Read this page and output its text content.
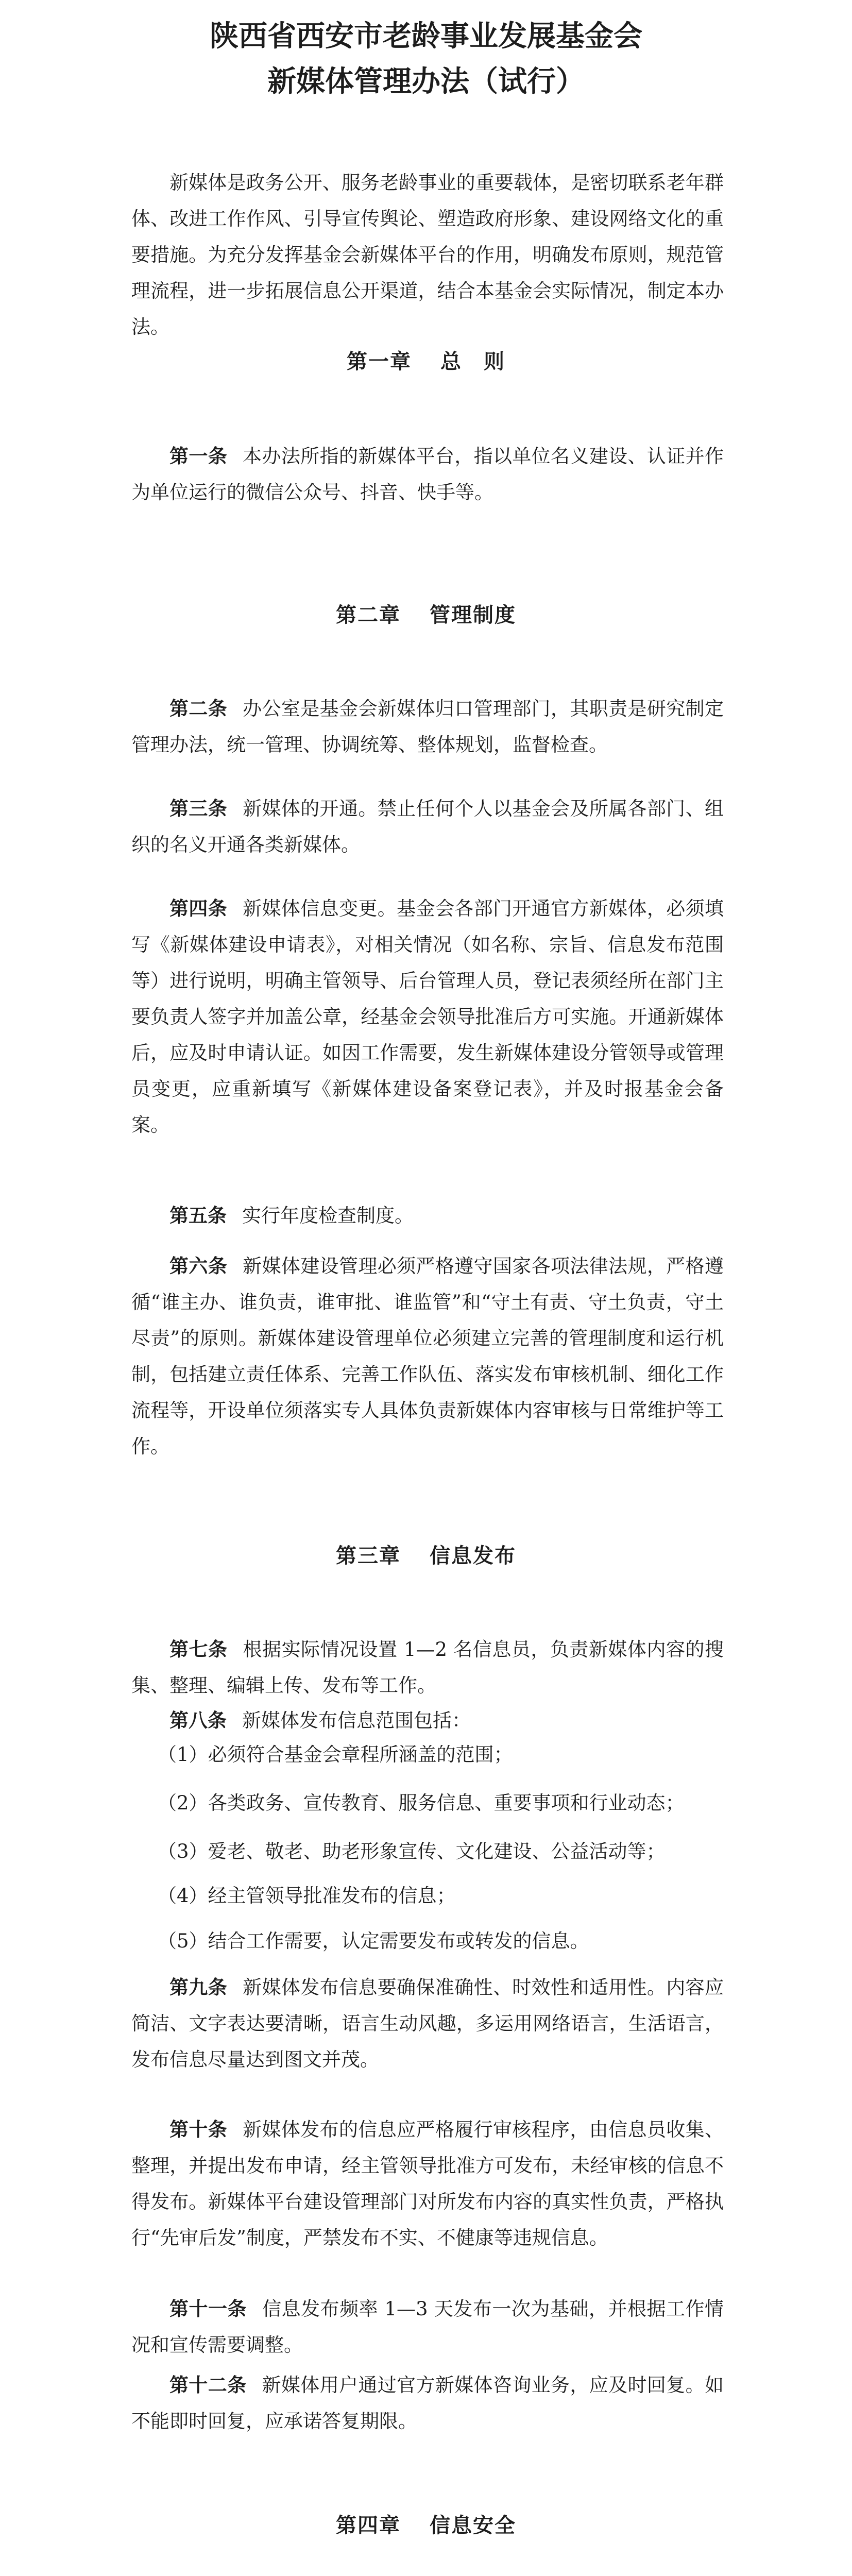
陕西省西安市老龄事业发展基金会
新媒体管理办法（试行）

新媒体是政务公开、服务老龄事业的重要载体，是密切联系老年群体、改进工作作风、引导宣传舆论、塑造政府形象、建设网络文化的重要措施。为充分发挥基金会新媒体平台的作用，明确发布原则，规范管理流程，进一步拓展信息公开渠道，结合本基金会实际情况，制定本办法。

第一章 总　则

第一条 本办法所指的新媒体平台，指以单位名义建设、认证并作为单位运行的微信公众号、抖音、快手等。

第二章 管理制度

第二条 办公室是基金会新媒体归口管理部门，其职责是研究制定管理办法，统一管理、协调统筹、整体规划，监督检查。

第三条 新媒体的开通。禁止任何个人以基金会及所属各部门、组织的名义开通各类新媒体。

第四条 新媒体信息变更。基金会各部门开通官方新媒体，必须填写《新媒体建设申请表》，对相关情况（如名称、宗旨、信息发布范围等）进行说明，明确主管领导、后台管理人员，登记表须经所在部门主要负责人签字并加盖公章，经基金会领导批准后方可实施。开通新媒体后，应及时申请认证。如因工作需要，发生新媒体建设分管领导或管理员变更，应重新填写《新媒体建设备案登记表》，并及时报基金会备案。

第五条 实行年度检查制度。

第六条 新媒体建设管理必须严格遵守国家各项法律法规，严格遵循“谁主办、谁负责，谁审批、谁监管”和“守土有责、守土负责，守土尽责”的原则。新媒体建设管理单位必须建立完善的管理制度和运行机制，包括建立责任体系、完善工作队伍、落实发布审核机制、细化工作流程等，开设单位须落实专人具体负责新媒体内容审核与日常维护等工作。

第三章 信息发布

第七条 根据实际情况设置 1—2 名信息员，负责新媒体内容的搜集、整理、编辑上传、发布等工作。

第八条 新媒体发布信息范围包括：

（1）必须符合基金会章程所涵盖的范围；

（2）各类政务、宣传教育、服务信息、重要事项和行业动态；

（3）爱老、敬老、助老形象宣传、文化建设、公益活动等；

（4）经主管领导批准发布的信息；

（5）结合工作需要，认定需要发布或转发的信息。

第九条 新媒体发布信息要确保准确性、时效性和适用性。内容应简洁、文字表达要清晰，语言生动风趣，多运用网络语言，生活语言，发布信息尽量达到图文并茂。

第十条 新媒体发布的信息应严格履行审核程序，由信息员收集、整理，并提出发布申请，经主管领导批准方可发布，未经审核的信息不得发布。新媒体平台建设管理部门对所发布内容的真实性负责，严格执行“先审后发”制度，严禁发布不实、不健康等违规信息。

第十一条 信息发布频率 1—3 天发布一次为基础，并根据工作情况和宣传需要调整。

第十二条 新媒体用户通过官方新媒体咨询业务，应及时回复。如不能即时回复，应承诺答复期限。

第四章 信息安全
